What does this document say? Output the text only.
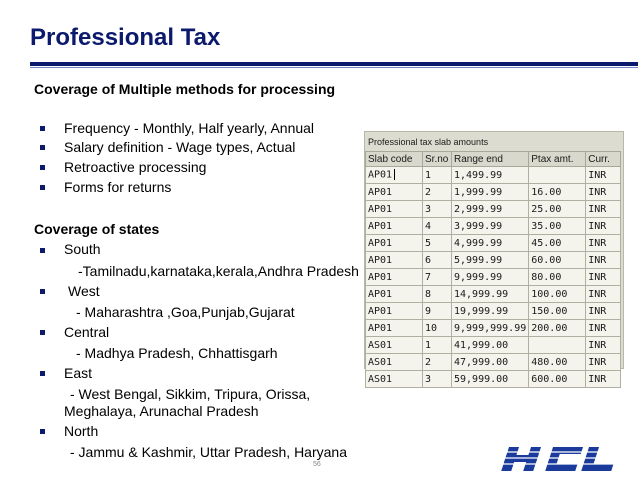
Professional Tax
Coverage of Multiple methods for processing
Frequency - Monthly, Half yearly, Annual
Salary definition - Wage types, Actual
Retroactive processing
Forms for returns
Coverage of states
South
-Tamilnadu,karnataka,kerala,Andhra Pradesh
West
- Maharashtra ,Goa,Punjab,Gujarat
Central
- Madhya Pradesh, Chhattisgarh
East
- West Bengal, Sikkim, Tripura, Orissa,
Meghalaya, Arunachal Pradesh
North
- Jammu & Kashmir, Uttar Pradesh, Haryana
Professional tax slab amounts
Slab code	Sr.no	Range end	Ptax amt.	Curr.
AP01	1	1,499.99		INR
AP01	2	1,999.99	16.00	INR
AP01	3	2,999.99	25.00	INR
AP01	4	3,999.99	35.00	INR
AP01	5	4,999.99	45.00	INR
AP01	6	5,999.99	60.00	INR
AP01	7	9,999.99	80.00	INR
AP01	8	14,999.99	100.00	INR
AP01	9	19,999.99	150.00	INR
AP01	10	9,999,999.99	200.00	INR
AS01	1	41,999.00		INR
AS01	2	47,999.00	480.00	INR
AS01	3	59,999.00	600.00	INR
56
